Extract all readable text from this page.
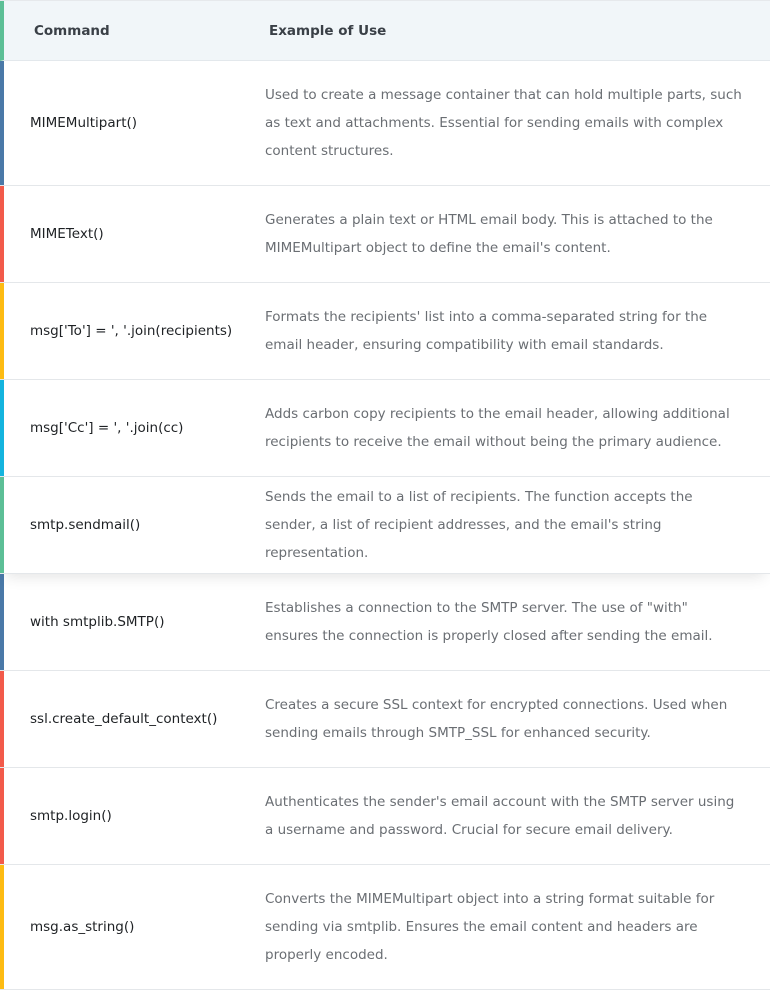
Command	Example of Use
MIMEMultipart()
Used to create a message container that can hold multiple parts, such as text and attachments. Essential for sending emails with complex content structures.
MIMEText()
Generates a plain text or HTML email body. This is attached to the MIMEMultipart object to define the email's content.
msg['To'] = ', '.join(recipients)
Formats the recipients' list into a comma-separated string for the email header, ensuring compatibility with email standards.
msg['Cc'] = ', '.join(cc)
Adds carbon copy recipients to the email header, allowing additional recipients to receive the email without being the primary audience.
smtp.sendmail()
Sends the email to a list of recipients. The function accepts the sender, a list of recipient addresses, and the email's string representation.
with smtplib.SMTP()
Establishes a connection to the SMTP server. The use of "with" ensures the connection is properly closed after sending the email.
ssl.create_default_context()
Creates a secure SSL context for encrypted connections. Used when sending emails through SMTP_SSL for enhanced security.
smtp.login()
Authenticates the sender's email account with the SMTP server using a username and password. Crucial for secure email delivery.
msg.as_string()
Converts the MIMEMultipart object into a string format suitable for sending via smtplib. Ensures the email content and headers are properly encoded.
